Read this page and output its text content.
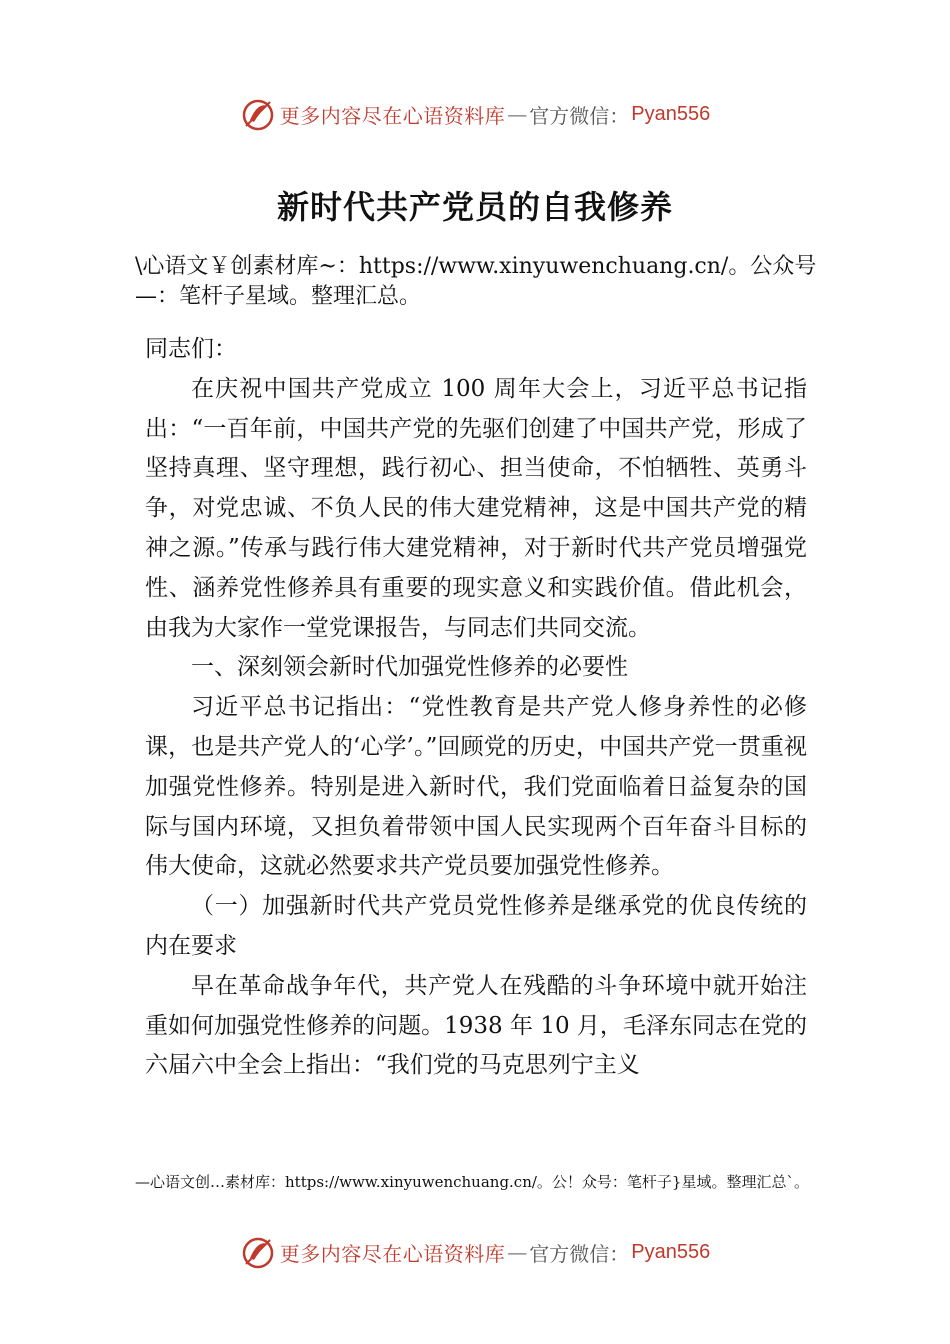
更多内容尽在心语资料库 — 官方微信： Pyan556
新时代共产党员的自我修养
\心语文￥创素材库~：https://www.xinyuwenchuang.cn/。公众号—：笔杆子星域。整理汇总。

同志们：

在庆祝中国共产党成立 100 周年大会上，习近平总书记指出：“一百年前，中国共产党的先驱们创建了中国共产党，形成了坚持真理、坚守理想，践行初心、担当使命，不怕牺牲、英勇斗争，对党忠诚、不负人民的伟大建党精神，这是中国共产党的精神之源。”传承与践行伟大建党精神，对于新时代共产党员增强党性、涵养党性修养具有重要的现实意义和实践价值。借此机会，由我为大家作一堂党课报告，与同志们共同交流。

一、深刻领会新时代加强党性修养的必要性

习近平总书记指出：“党性教育是共产党人修身养性的必修课，也是共产党人的‘心学’。”回顾党的历史，中国共产党一贯重视加强党性修养。特别是进入新时代，我们党面临着日益复杂的国际与国内环境，又担负着带领中国人民实现两个百年奋斗目标的伟大使命，这就必然要求共产党员要加强党性修养。

（一）加强新时代共产党员党性修养是继承党的优良传统的内在要求

早在革命战争年代，共产党人在残酷的斗争环境中就开始注重如何加强党性修养的问题。1938 年 10 月，毛泽东同志在党的六届六中全会上指出：“我们党的马克思列宁主义

—心语文创…素材库：https://www.xinyuwenchuang.cn/。公！众号：笔杆子}星域。整理汇总`。
更多内容尽在心语资料库 — 官方微信： Pyan556
